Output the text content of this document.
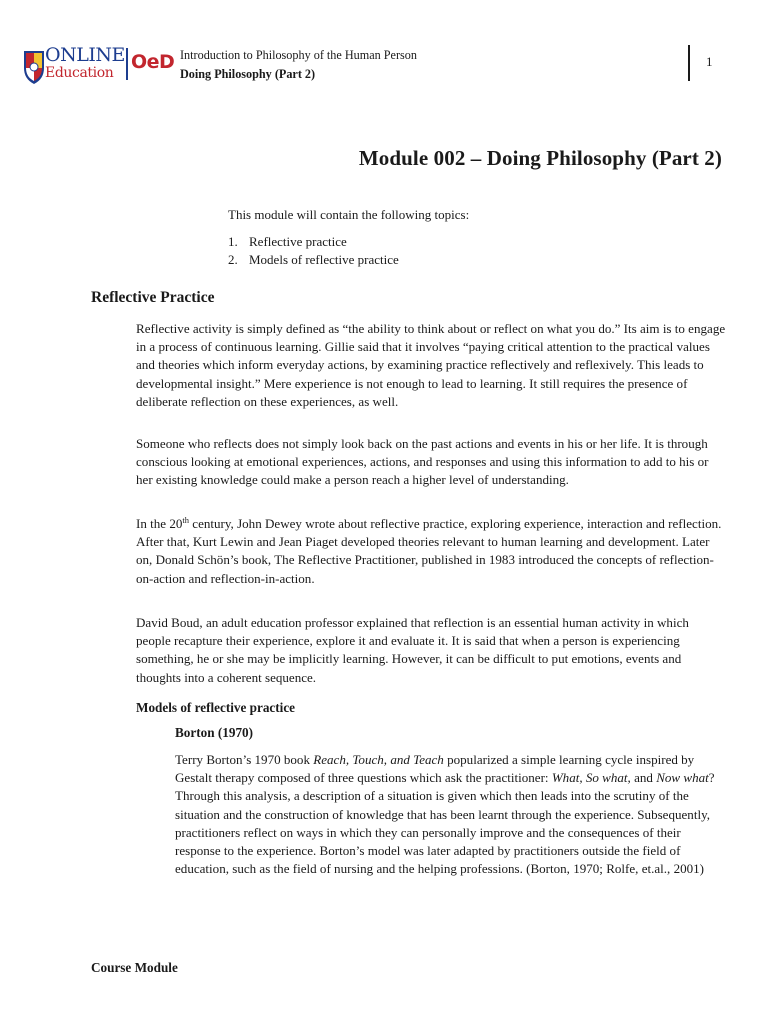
ONLINE
Education OeD Introduction to Philosophy of the Human Person
Doing Philosophy (Part 2)
1
Module 002 – Doing Philosophy (Part 2)
This module will contain the following topics:
1. Reflective practice
2. Models of reflective practice
Reflective Practice

Reflective activity is simply defined as “the ability to think about or reflect on what you do.” Its aim is to engage in a process of continuous learning. Gillie said that it involves “paying critical attention to the practical values and theories which inform everyday actions, by examining practice reflectively and reflexively. This leads to developmental insight.” Mere experience is not enough to lead to learning. It still requires the presence of deliberate reflection on these experiences, as well.

Someone who reflects does not simply look back on the past actions and events in his or her life. It is through conscious looking at emotional experiences, actions, and responses and using this information to add to his or her existing knowledge could make a person reach a higher level of understanding.

In the 20th century, John Dewey wrote about reflective practice, exploring experience, interaction and reflection. After that, Kurt Lewin and Jean Piaget developed theories relevant to human learning and development. Later on, Donald Schön’s book, The Reflective Practitioner, published in 1983 introduced the concepts of reflection-on-action and reflection-in-action.

David Boud, an adult education professor explained that reflection is an essential human activity in which people recapture their experience, explore it and evaluate it. It is said that when a person is experiencing something, he or she may be implicitly learning. However, it can be difficult to put emotions, events and thoughts into a coherent sequence.

Models of reflective practice
Borton (1970)

Terry Borton’s 1970 book Reach, Touch, and Teach popularized a simple learning cycle inspired by Gestalt therapy composed of three questions which ask the practitioner: What, So what, and Now what? Through this analysis, a description of a situation is given which then leads into the scrutiny of the situation and the construction of knowledge that has been learnt through the experience. Subsequently, practitioners reflect on ways in which they can personally improve and the consequences of their response to the experience. Borton’s model was later adapted by practitioners outside the field of education, such as the field of nursing and the helping professions. (Borton, 1970; Rolfe, et.al., 2001)

Course Module
